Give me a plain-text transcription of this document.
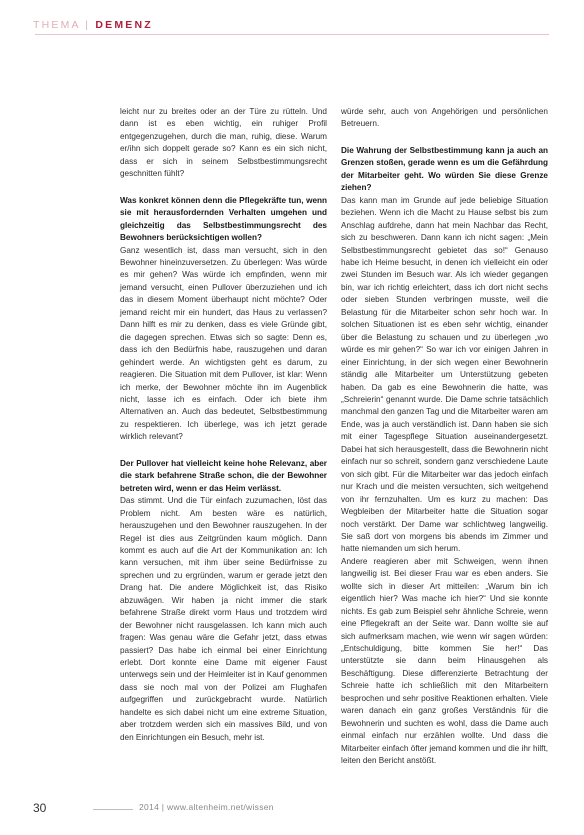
THEMA | DEMENZ

leicht nur zu breites oder an der Türe zu rütteln. Und dann ist es eben wichtig, ein ruhiger Profil entgegenzugehen, durch die man, ruhig, diese. Warum er/ihn sich doppelt gerade so? Kann es ein sich nicht, dass er sich in seinem Selbstbestimmungsrecht geschnitten fühlt?

Was konkret können denn die Pflegekräfte tun, wenn sie mit herausfordernden Verhalten umgehen und gleichzeitig das Selbstbestimmungsrecht des Bewohners berücksichtigen wollen?

Ganz wesentlich ist, dass man versucht, sich in den Bewohner hineinzuversetzen. Zu überlegen: Was würde es mir gehen? Was würde ich empfinden, wenn mir jemand versucht, einen Pullover überzuziehen und ich das in diesem Moment überhaupt nicht möchte? Oder jemand reicht mir ein hundert, das Haus zu verlassen? Dann hilft es mir zu denken, dass es viele Gründe gibt, die dagegen sprechen. Etwas sich so sagte: Denn es, dass ich den Bedürfnis habe, rauszugehen und daran gehindert werde. An wichtigsten geht es darum, zu reagieren. Die Situation mit dem Pullover, ist klar: Wenn ich merke, der Bewohner möchte ihn im Augenblick nicht, lasse ich es einfach. Oder ich biete ihm Alternativen an. Auch das bedeutet, Selbstbestimmung zu respektieren. Ich überlege, was ich jetzt gerade wirklich relevant?

Der Pullover hat vielleicht keine hohe Relevanz, aber die stark befahrene Straße schon, die der Bewohner betreten wird, wenn er das Heim verlässt.

Das stimmt. Und die Tür einfach zuzumachen, löst das Problem nicht. Am besten wäre es natürlich, herauszugehen und den Bewohner rauszugehen. In der Regel ist dies aus Zeitgründen kaum möglich. Dann kommt es auch auf die Art der Kommunikation an: Ich kann versuchen, mit ihm über seine Bedürfnisse zu sprechen und zu ergründen, warum er gerade jetzt den Drang hat. Die andere Möglichkeit ist, das Risiko abzuwägen. Wir haben ja nicht immer die stark befahrene Straße direkt vorm Haus und trotzdem wird der Bewohner nicht rausgelassen. Ich kann mich auch fragen: Was genau wäre die Gefahr jetzt, dass etwas passiert? Das habe ich einmal bei einer Einrichtung erlebt. Dort konnte eine Dame mit eigener Faust unterwegs sein und der Heimleiter ist in Kauf genommen dass sie noch mal von der Polizei am Flughafen aufgegriffen und zurückgebracht wurde. Natürlich handelte es sich dabei nicht um eine extreme Situation, aber trotzdem werden sich ein massives Bild, und von den Einrichtungen ein Besuch, mehr ist.

würde sehr, auch von Angehörigen und persönlichen Betreuern.

Die Wahrung der Selbstbestimmung kann ja auch an Grenzen stoßen, gerade wenn es um die Gefährdung der Mitarbeiter geht. Wo würden Sie diese Grenze ziehen?

Das kann man im Grunde auf jede beliebige Situation beziehen. Wenn ich die Macht zu Hause selbst bis zum Anschlag aufdrehe, dann hat mein Nachbar das Recht, sich zu beschweren. Dann kann ich nicht sagen: „Mein Selbstbestimmungsrecht gebietet das so!“ Genauso habe ich Heime besucht, in denen ich vielleicht ein oder zwei Stunden im Besuch war. Als ich wieder gegangen bin, war ich richtig erleichtert, dass ich dort nicht sechs oder sieben Stunden verbringen musste, weil die Belastung für die Mitarbeiter schon sehr hoch war. In solchen Situationen ist es eben sehr wichtig, einander über die Belastung zu schauen und zu überlegen „wo würde es mir gehen?“ So war ich vor einigen Jahren in einer Einrichtung, in der sich wegen einer Bewohnerin ständig alle Mitarbeiter um Unterstützung gebeten haben. Da gab es eine Bewohnerin die hatte, was „Schreierin“ genannt wurde. Die Dame schrie tatsächlich manchmal den ganzen Tag und die Mitarbeiter waren am Ende, was ja auch verständlich ist. Dann haben sie sich mit einer Tagespflege Situation auseinandergesetzt. Dabei hat sich herausgestellt, dass die Bewohnerin nicht einfach nur so schreit, sondern ganz verschiedene Laute von sich gibt. Für die Mitarbeiter war das jedoch einfach nur Krach und die meisten versuchten, sich weitgehend von ihr fernzuhalten. Um es kurz zu machen: Das Wegbleiben der Mitarbeiter hatte die Situation sogar noch verstärkt. Der Dame war schlichtweg langweilig. Sie saß dort von morgens bis abends im Zimmer und hatte niemanden um sich herum.

Andere reagieren aber mit Schweigen, wenn ihnen langweilig ist. Bei dieser Frau war es eben anders. Sie wollte sich in dieser Art mitteilen: „Warum bin ich eigentlich hier? Was mache ich hier?“ Und sie konnte nichts. Es gab zum Beispiel sehr ähnliche Schreie, wenn eine Pflegekraft an der Seite war. Dann wollte sie auf sich aufmerksam machen, wie wenn wir sagen würden: „Entschuldigung, bitte kommen Sie her!“ Das unterstützte sie dann beim Hinausgehen als Beschäftigung. Diese differenzierte Betrachtung der Schreie hatte ich schließlich mit den Mitarbeitern besprochen und sehr positive Reaktionen erhalten. Viele waren danach ein ganz großes Verständnis für die Bewohnerin und suchten es wohl, dass die Dame auch einmal einfach nur erzählen wollte. Und dass die Mitarbeiter einfach öfter jemand kommen und die ihr hilft, leiten den Bericht anstößt.

30	2014 | www.altenheim.net/wissen
